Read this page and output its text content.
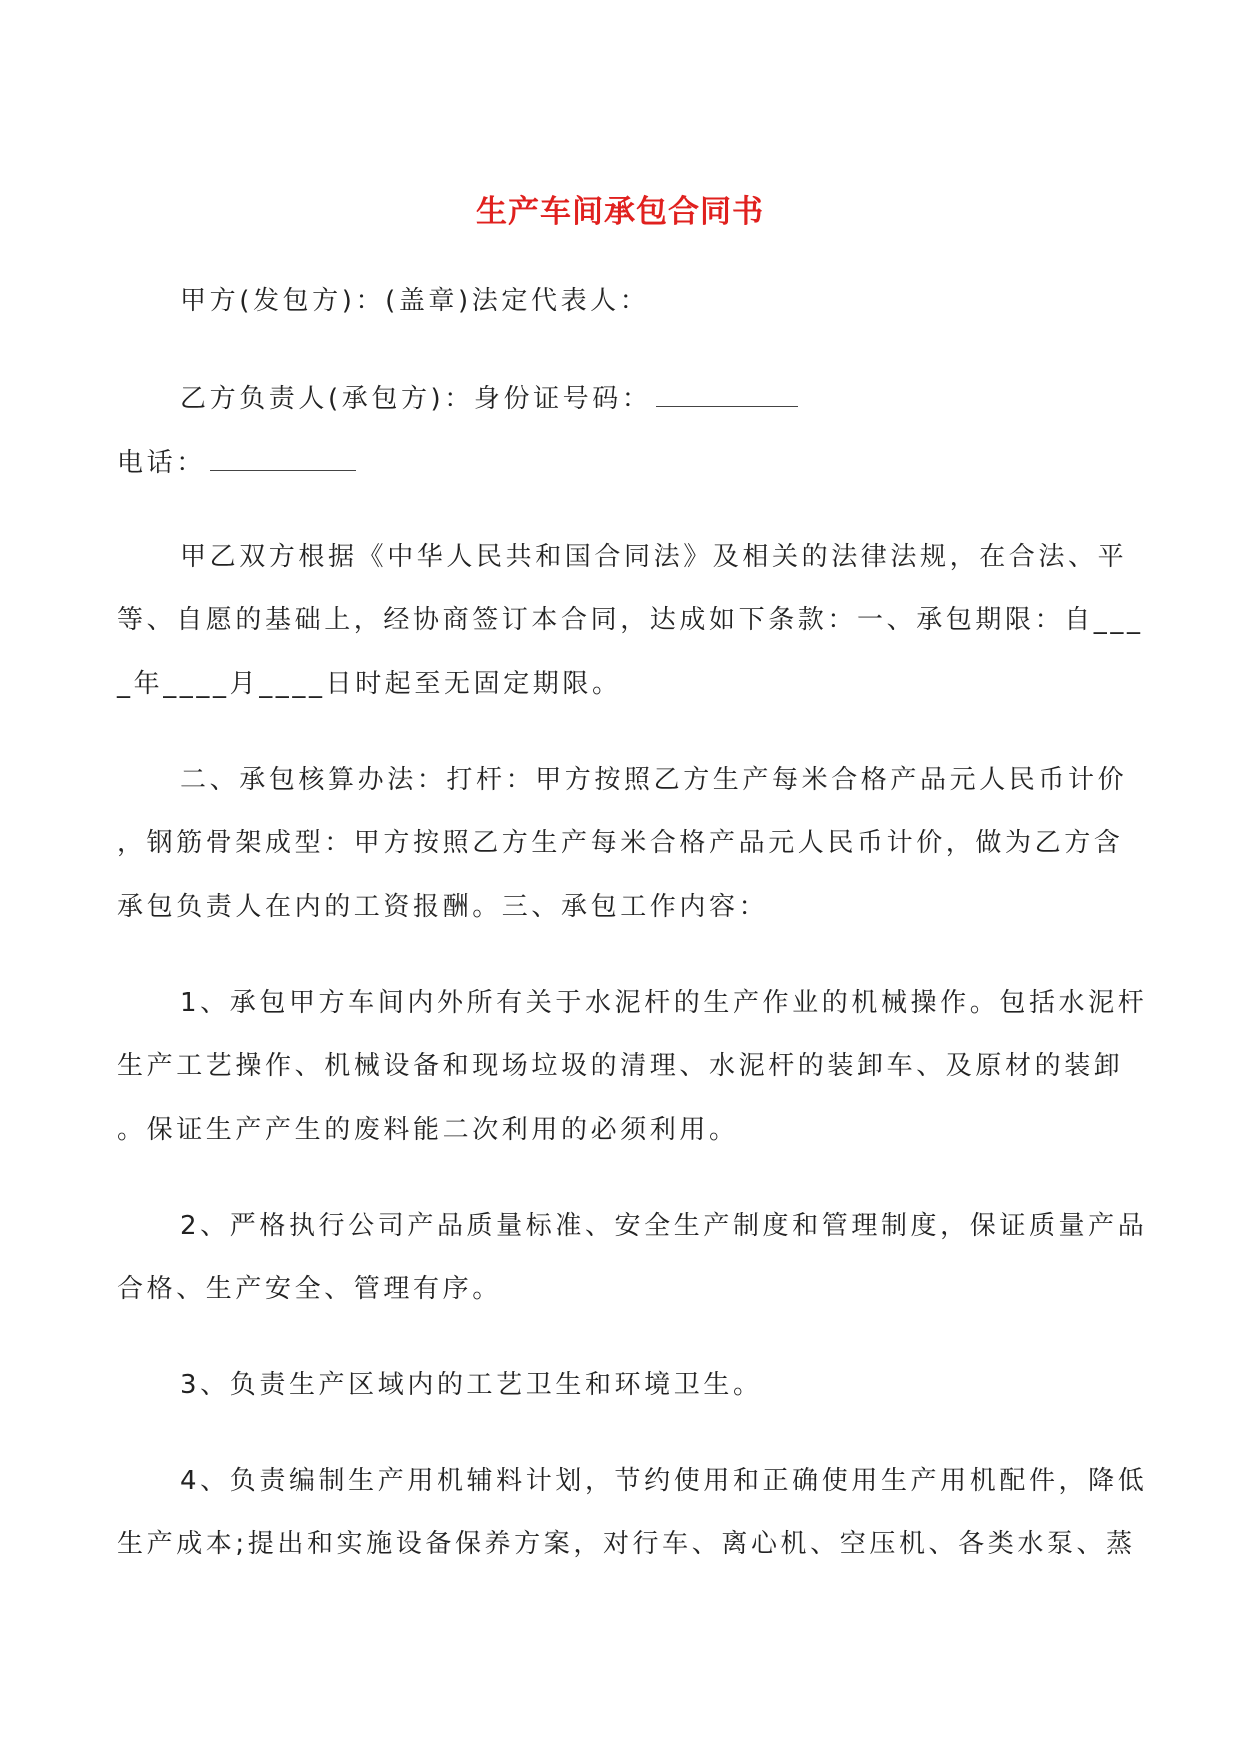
生产车间承包合同书
甲方(发包方)：(盖章)法定代表人：
乙方负责人(承包方)：身份证号码：
电话：
甲乙双方根据《中华人民共和国合同法》及相关的法律法规，在合法、平
等、自愿的基础上，经协商签订本合同，达成如下条款：一、承包期限：自___
_年____月____日时起至无固定期限。
二、承包核算办法：打杆：甲方按照乙方生产每米合格产品元人民币计价
，钢筋骨架成型：甲方按照乙方生产每米合格产品元人民币计价，做为乙方含
承包负责人在内的工资报酬。三、承包工作内容：
1、承包甲方车间内外所有关于水泥杆的生产作业的机械操作。包括水泥杆
生产工艺操作、机械设备和现场垃圾的清理、水泥杆的装卸车、及原材的装卸
。保证生产产生的废料能二次利用的必须利用。
2、严格执行公司产品质量标准、安全生产制度和管理制度，保证质量产品
合格、生产安全、管理有序。
3、负责生产区域内的工艺卫生和环境卫生。
4、负责编制生产用机辅料计划，节约使用和正确使用生产用机配件，降低
生产成本;提出和实施设备保养方案，对行车、离心机、空压机、各类水泵、蒸
